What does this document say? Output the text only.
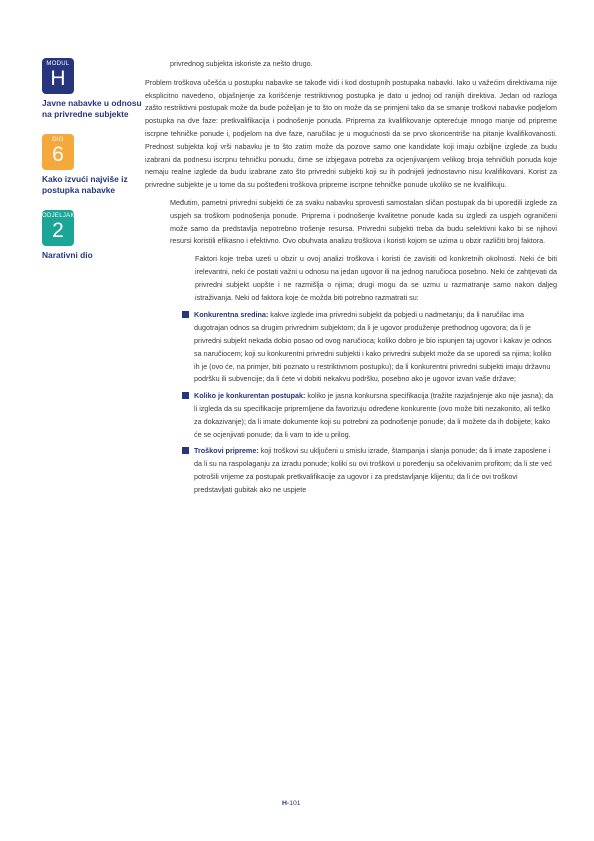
MODUL
H
Javne nabavke u odnosu na privredne subjekte
DIO
6
Kako izvući najviše iz postupka nabavke
ODJELJAK
2
Narativni dio

privrednog subjekta iskoriste za nešto drugo.

Problem troškova učešća u postupku nabavke se takođe vidi i kod dostupnih postupaka nabavki. Iako u važećim direktivama nije eksplicitno navedeno, objašnjenje za korišćenje restriktivnog postupka je dato u jednoj od ranijih direktiva. Jedan od razloga zašto restriktivni postupak može da bude poželjan je to što on može da se primjeni tako da se smanje troškovi nabavke podjelom postupka na dve faze: pretkvalifikacija i podnošenje ponuda. Pripremа za kvalifikovanje opterećuje mnogo manje od pripreme iscrpne tehničke ponude i, podjelom na dve faze, naručilac je u mogućnosti da se prvo skoncentriše na pitanje kvalifikovanosti. Prednost subjekta koji vrši nabavku je to što zatim može da pozove samo one kandidate koji imaju ozbiljne izglede za budu izabrani da podnesu iscrpnu tehničku ponudu, čime se izbjegava potreba za ocjenjivanjem velikog broja tehničkih ponuda koje nemaju realne izglede da budu izabrane zato što privredni subjekti koji su ih podnijeli jednostavno nisu kvalifikovani. Korist za privredne subjekte je u tome da su pošteđeni troškova pripreme iscrpne tehničke ponude ukoliko se ne kvalifikuju.

Međutim, pametni privredni subjekti će za svaku nabavku sprovesti samostalan sličan postupak da bi uporedili izglede za uspjeh sa troškom podnošenja ponude. Pripremа i podnošenje kvalitetne ponude kada su izgledi za uspjeh ograničeni može samo da predstavlja nepotrebno trošenje resursa. Privredni subjekti treba da budu selektivni kako bi se njihovi resursi koristili efikasno i efektivno. Ovo obuhvata analizu troškova i koristi kojom se uzima u obzir različiti broj faktora.

Faktori koje treba uzeti u obzir u ovoj analizi troškova i koristi će zavisiti od konkretnih okolnosti. Neki će biti irelevantni, neki će postati važni u odnosu na jedan ugovor ili na jednog naručioca posebno. Neki će zahtjevati da privredni subjekt uopšte i ne razmišlja o njima; drugi mogu da se uzmu u razmatranje samo nakon daljeg istraživanja. Neki od faktora koje će možda biti potrebno razmatrati su:

Konkurentna sredina: kakve izglede ima privredni subjekt da pobjedi u nadmetanju; da li naručilac ima dugotrajan odnos sa drugim privrednim subjektom; da li je ugovor produženje prethodnog ugovora; da li je privredni subjekt nekada dobio posao od ovog naručioca; koliko dobro je bio ispunjen taj ugovor i kakav je odnos sa naručiocem; koji su konkurentni privredni subjekti i kako privredni subjekt može da se uporedi sa njima; koliko ih je (ovo će, na primjer, biti poznato u restriktivnom postupku); da li konkurentni privredni subjekti imaju državnu podršku ili subvencije; da li ćete vi dobiti nekakvu podršku, posebno ako je ugovor izvan vaše države;
Koliko je konkurentan postupak: koliko je jasna konkursna specifikacija (tražite razjašnjenje ako nije jasna); da li izgleda da su specifikacije pripremljene da favorizuju određene konkurente (ovo može biti nezakonito, ali teško za dokazivanje); da li imate dokumente koji su potrebni za podnošenje ponude; da li možete da ih dobijete; kako će se ocjenjivati ponude; da li vam to ide u prilog.
Troškovi pripreme: koji troškovi su uključeni u smislu izrade, štampanja i slanja ponude; da li imate zaposlene i da li su na raspolaganju za izradu ponude; koliki su ovi troškovi u poređenju sa očekivanim profitom; da li ste već potrošili vrijeme za postupak pretkvalifikacije za ugovor i za predstavljanje klijentu; da li će ovi troškovi predstavljati gubitak ako ne uspjete
H-101
